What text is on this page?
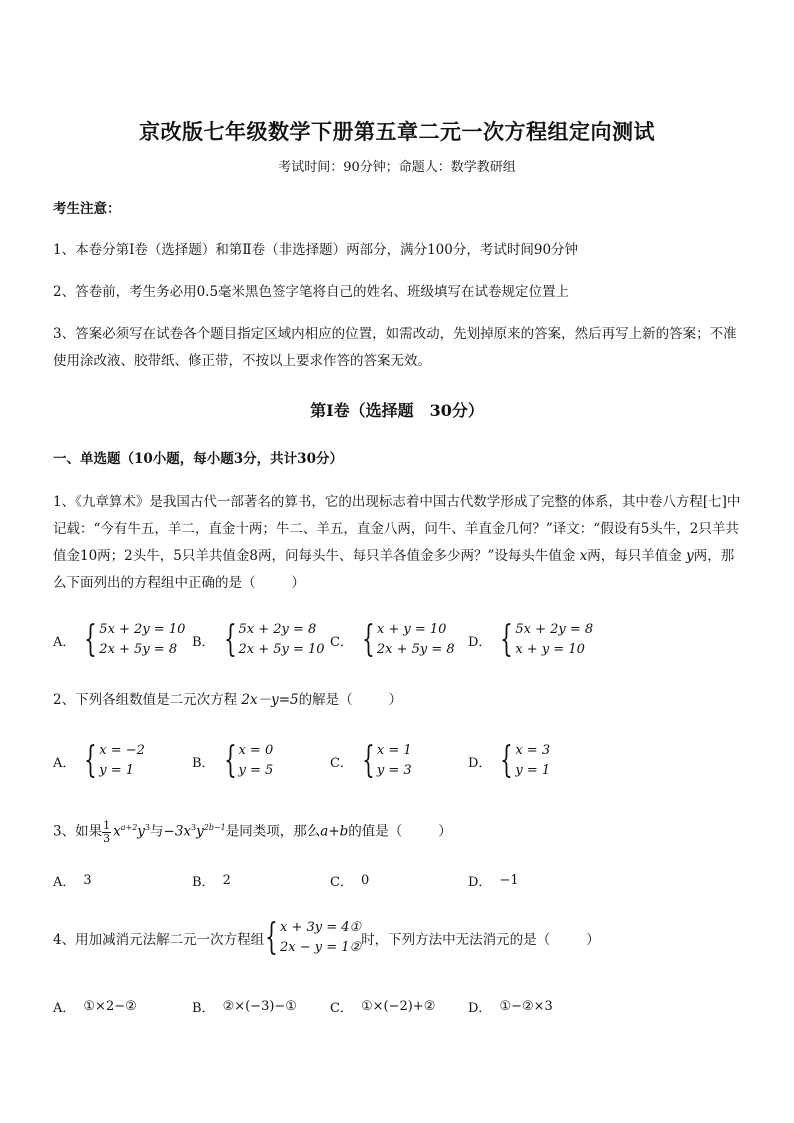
京改版七年级数学下册第五章二元一次方程组定向测试
考试时间：90分钟；命题人：数学教研组
考生注意：
1、本卷分第Ⅰ卷（选择题）和第Ⅱ卷（非选择题）两部分，满分100分，考试时间90分钟
2、答卷前，考生务必用0.5毫米黑色签字笔将自己的姓名、班级填写在试卷规定位置上
3、答案必须写在试卷各个题目指定区域内相应的位置，如需改动，先划掉原来的答案，然后再写上新的答案；不准使用涂改液、胶带纸、修正带，不按以上要求作答的答案无效。
第Ⅰ卷（选择题　30分）
一、单选题（10小题，每小题3分，共计30分）
1、《九章算术》是我国古代一部著名的算书，它的出现标志着中国古代数学形成了完整的体系，其中卷八方程[七]中记载：“今有牛五，羊二，直金十两；牛二、羊五，直金八两，问牛、羊直金几何？”译文：“假设有5头牛，2只羊共值金10两；2头牛，5只羊共值金8两，问每头牛、每只羊各值金多少两？”设每头牛值金 x两，每只羊值金 y两，那么下面列出的方程组中正确的是（	）
A． { 5x + 2y = 10
2x + 5y = 8	B． { 5x + 2y = 8
2x + 5y = 10 C． { x + y = 10
2x + 5y = 8 D． { 5x + 2y = 8
x + y = 10
2、下列各组数值是二元次方程 2x－y=5的解是（	）
A． { x = −2
y = 1	B． { x = 0
y = 5	C． { x = 1
y = 3	D． { x = 3
y = 1
3、如果 $\frac{1}{3} x^{a+2}y^3$与$-3x^3y^{2b-1}$是同类项，那么a+b的值是（	）
A． 3	B． 2	C． 0	D． −1
4、用加减消元法解二元一次方程组 { x + 3y = 4①
2x − y = 1② 时，下列方法中无法消元的是（	）
A． ①×2−②	B． ②×(−3)−①	C． ①×(−2)+②	D． ①−②×3
